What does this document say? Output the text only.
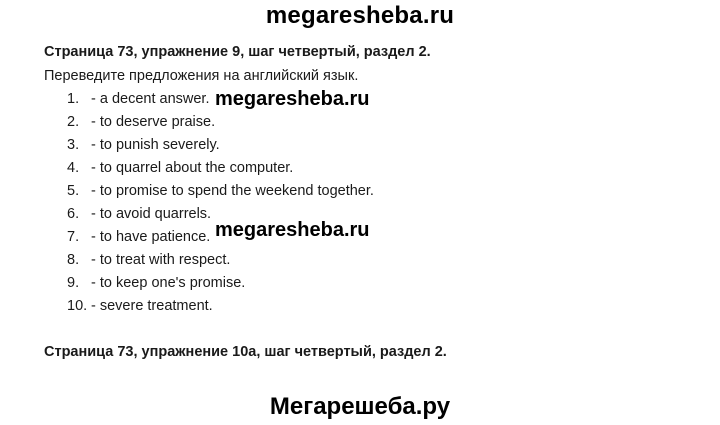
megaresheba.ru
Страница 73, упражнение 9, шаг четвертый, раздел 2.
Переведите предложения на английский язык.
1. - a decent answer.
2. - to deserve praise.
3. - to punish severely.
4. - to quarrel about the computer.
5. - to promise to spend the weekend together.
6. - to avoid quarrels.
7. - to have patience.
8. - to treat with respect.
9. - to keep one's promise.
10. - severe treatment.
megaresheba.ru
megaresheba.ru
Страница 73, упражнение 10а, шаг четвертый, раздел 2.
Мегарешеба.ру
